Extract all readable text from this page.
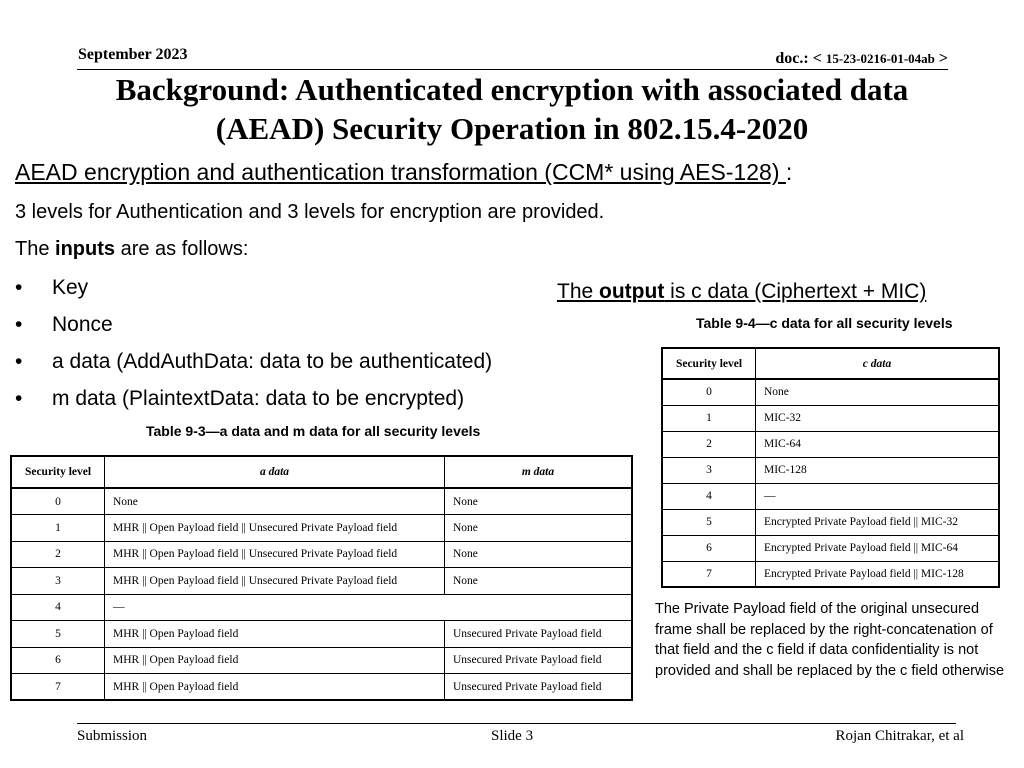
September 2023	doc.: < 15-23-0216-01-04ab >
Background: Authenticated encryption with associated data
(AEAD) Security Operation in 802.15.4-2020
AEAD encryption and authentication transformation (CCM* using AES-128) :
3 levels for Authentication and 3 levels for encryption are provided.
The inputs are as follows:
• Key
• Nonce
• a data (AddAuthData: data to be authenticated)
• m data (PlaintextData: data to be encrypted)
The output is c data (Ciphertext + MIC)
Table 9-3—a data and m data for all security levels
Security level	a data	m data
0	None	None
1	MHR || Open Payload field || Unsecured Private Payload field	None
2	MHR || Open Payload field || Unsecured Private Payload field	None
3	MHR || Open Payload field || Unsecured Private Payload field	None
4	—	
5	MHR || Open Payload field	Unsecured Private Payload field
6	MHR || Open Payload field	Unsecured Private Payload field
7	MHR || Open Payload field	Unsecured Private Payload field
Table 9-4—c data for all security levels
Security level	c data
0	None
1	MIC-32
2	MIC-64
3	MIC-128
4	—
5	Encrypted Private Payload field || MIC-32
6	Encrypted Private Payload field || MIC-64
7	Encrypted Private Payload field || MIC-128
The Private Payload field of the original unsecured frame shall be replaced by the right-concatenation of that field and the c field if data confidentiality is not provided and shall be replaced by the c field otherwise
Submission	Slide 3	Rojan Chitrakar, et al
